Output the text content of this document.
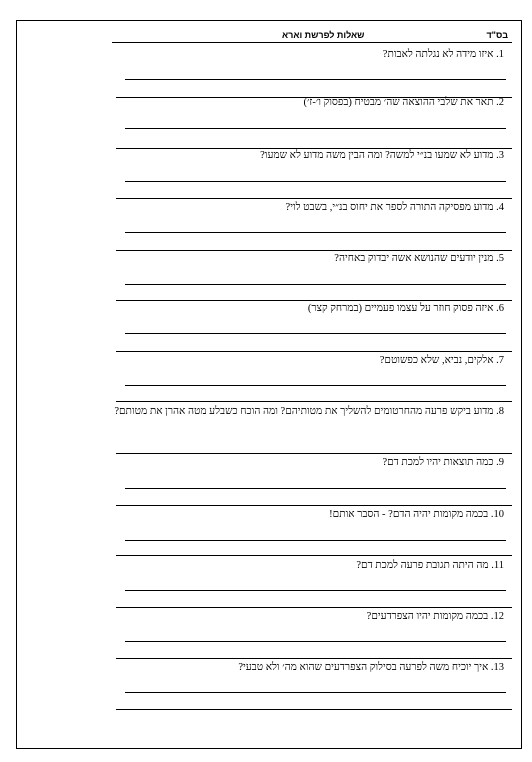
בס"ד
שאלות לפרשת וארא
1. איזו מידה לא נגלתה לאבות?
2. תאר את שלבי ההוצאה שה׳ מבטיח (בפסוק ו׳-ז׳)
3. מדוע לא שמעו בנ״י למשה? ומה הבין משה מדוע לא שמעו?
4. מדוע מפסיקה התורה לספר את יחוס בנ״י, בשבט לוי?
5. מנין יודעים שהנושא אשה יבדוק באחיה?
6. איזה פסוק חוזר על עצמו פעמיים (במרחק קצר)
7. אלקים, נביא, שלא כפשוטם?
8. מדוע ביקש פרעה מהחרטומים להשליך את מטותיהם? ומה הוכח כשבלע מטה אהרן את מטותם?
9. כמה תוצאות יהיו למכת דם?
10. בכמה מקומות יהיה הדם? - הסבר אותם!
11. מה היתה תגובת פרעה למכת דם?
12. בכמה מקומות יהיו הצפרדעים?
13. איך יוכיח משה לפרעה בסילוק הצפרדעים שהוא מה׳ ולא טבעי?
